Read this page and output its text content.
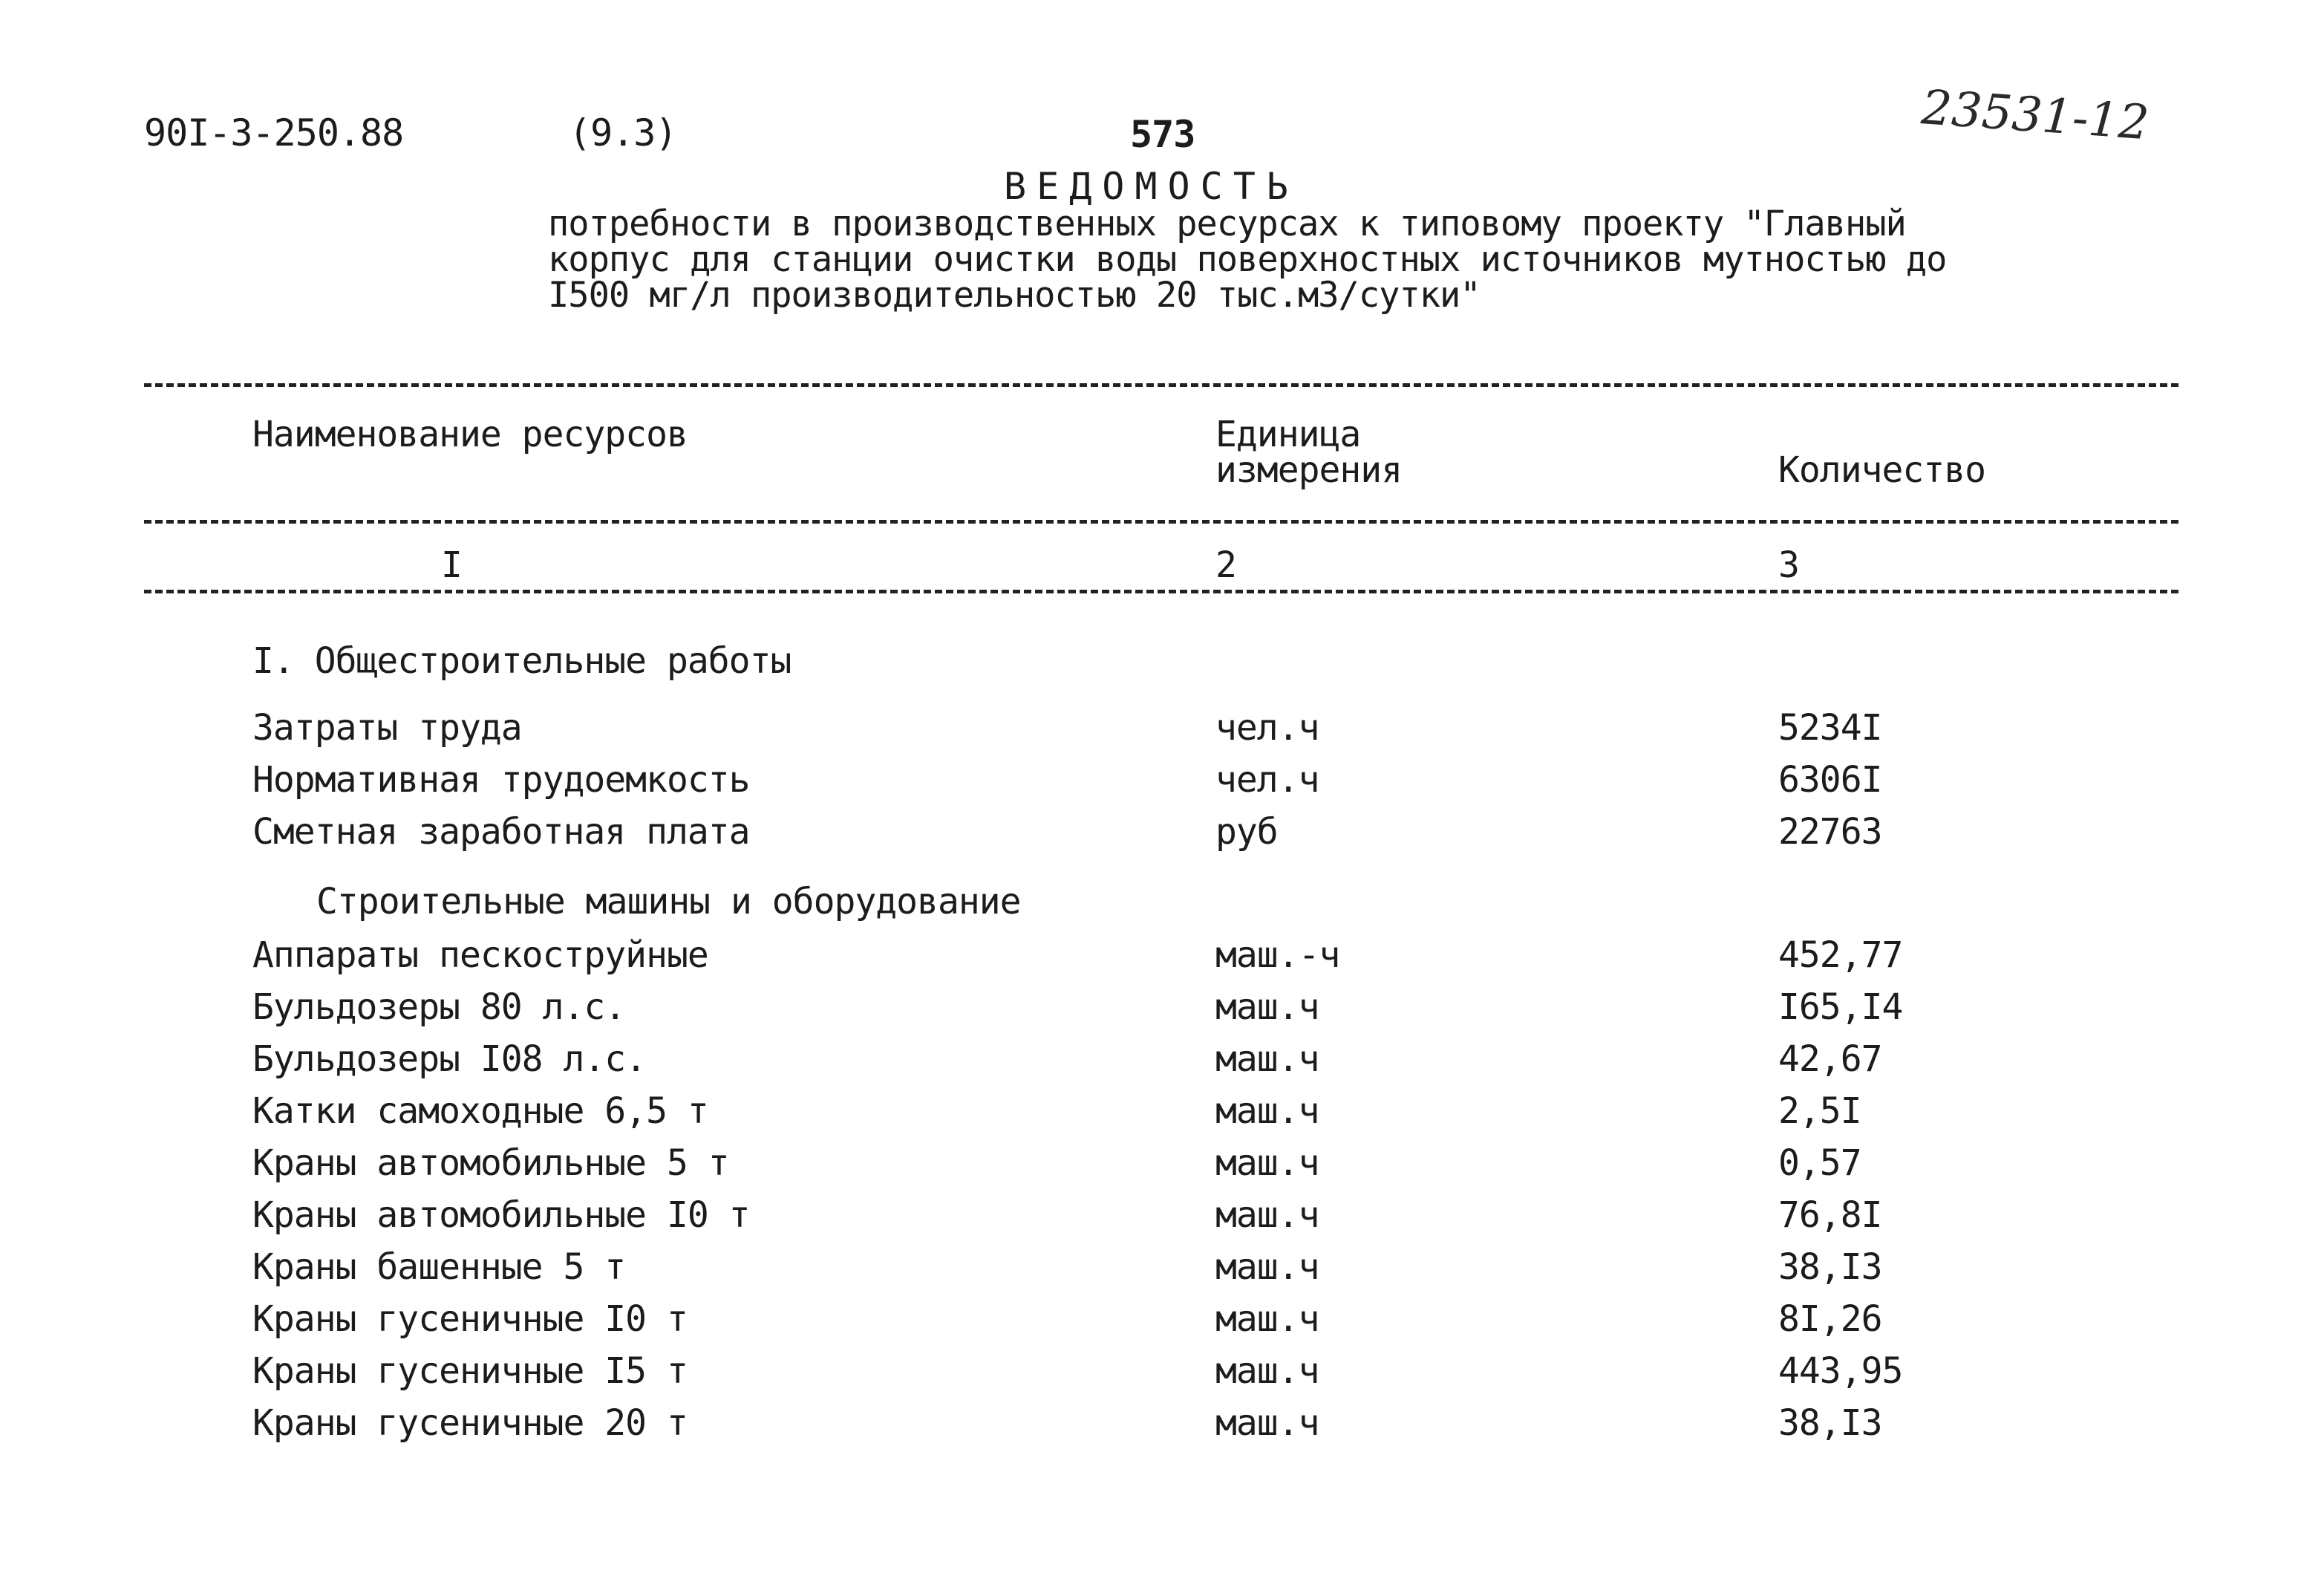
90I-3-250.88	(9.3)	573	23531-12
ВЕДОМОСТЬ
потребности в производственных ресурсах к типовому проекту "Главный
корпус для станции очистки воды поверхностных источников мутностью до
I500 мг/л производительностью 20 тыс.м3/сутки"
Наименование ресурсов	Единица
измерения	Количество
I	2	3
I. Общестроительные работы
Затраты труда	чел.ч	5234I
Нормативная трудоемкость	чел.ч	6306I
Сметная заработная плата	руб	22763
Строительные машины и оборудование
Аппараты пескоструйные	маш.-ч	452,77
Бульдозеры 80 л.с.	маш.ч	I65,I4
Бульдозеры I08 л.с.	маш.ч	42,67
Катки самоходные 6,5 т	маш.ч	2,5I
Краны автомобильные 5 т	маш.ч	0,57
Краны автомобильные I0 т	маш.ч	76,8I
Краны башенные 5 т	маш.ч	38,I3
Краны гусеничные I0 т	маш.ч	8I,26
Краны гусеничные I5 т	маш.ч	443,95
Краны гусеничные 20 т	маш.ч	38,I3
